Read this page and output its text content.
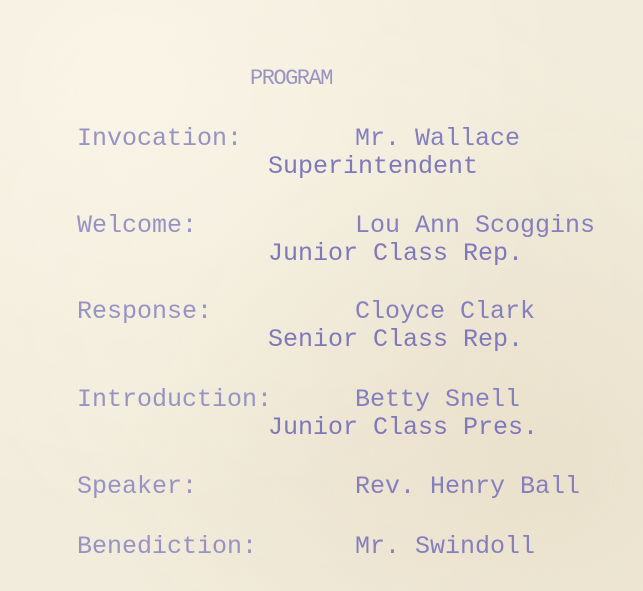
PROGRAM
Invocation:	Mr. Wallace
Superintendent
Welcome:	Lou Ann Scoggins
Junior Class Rep.
Response:	Cloyce Clark
Senior Class Rep.
Introduction:	Betty Snell
Junior Class Pres.
Speaker:	Rev. Henry Ball
Benediction:	Mr. Swindoll
